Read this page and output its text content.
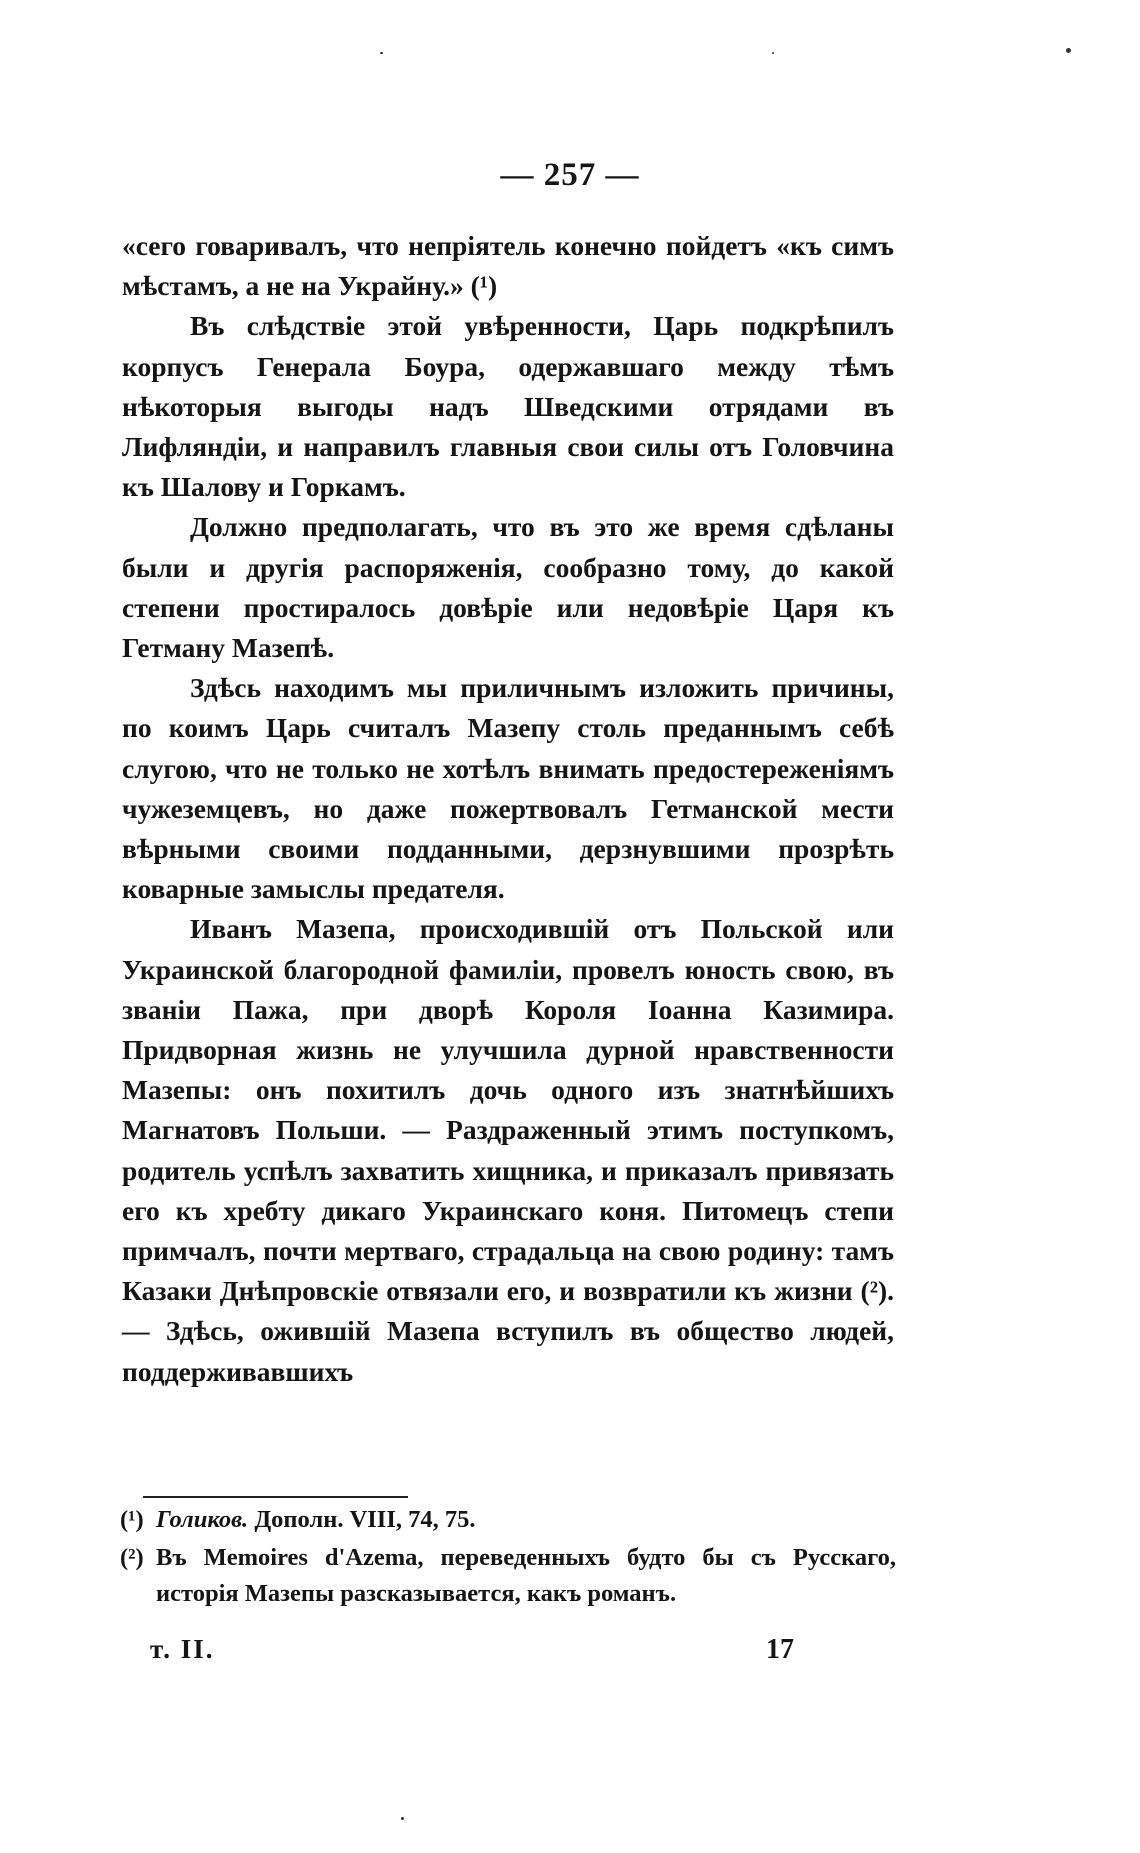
— 257 —

«сего говаривалъ, что непріятель конечно пойдетъ «къ симъ мѣстамъ, а не на Украйну.» (¹)

Въ слѣдствіе этой увѣренности, Царь подкрѣпилъ корпусъ Генерала Боура, одержавшаго между тѣмъ нѣкоторыя выгоды надъ Шведскими отрядами въ Лифляндіи, и направилъ главныя свои силы отъ Головчина къ Шалову и Горкамъ.

Должно предполагать, что въ это же время сдѣланы были и другія распоряженія, сообразно тому, до какой степени простиралось довѣріе или недовѣріе Царя къ Гетману Мазепѣ.

Здѣсь находимъ мы приличнымъ изложить причины, по коимъ Царь считалъ Мазепу столь преданнымъ себѣ слугою, что не только не хотѣлъ внимать предостереженіямъ чужеземцевъ, но даже пожертвовалъ Гетманской мести вѣрными своими подданными, дерзнувшими прозрѣть коварные замыслы предателя.

Иванъ Мазепа, происходившій отъ Польской или Украинской благородной фамиліи, провелъ юность свою, въ званіи Пажа, при дворѣ Короля Іоанна Казимира. Придворная жизнь не улучшила дурной нравственности Мазепы: онъ похитилъ дочь одного изъ знатнѣйшихъ Магнатовъ Польши. — Раздраженный этимъ поступкомъ, родитель успѣлъ захватить хищника, и приказалъ привязать его къ хребту дикаго Украинскаго коня. Питомецъ степи примчалъ, почти мертваго, страдальца на свою родину: тамъ Казаки Днѣпровскіе отвязали его, и возвратили къ жизни (²). — Здѣсь, ожившій Мазепа вступилъ въ общество людей, поддерживавшихъ

(¹) Голиков. Дополн. VIII, 74, 75.

(²) Въ Memoires d'Azema, переведенныхъ будто бы съ Русскаго, исторія Мазепы разсказывается, какъ романъ.

т. II.	17
